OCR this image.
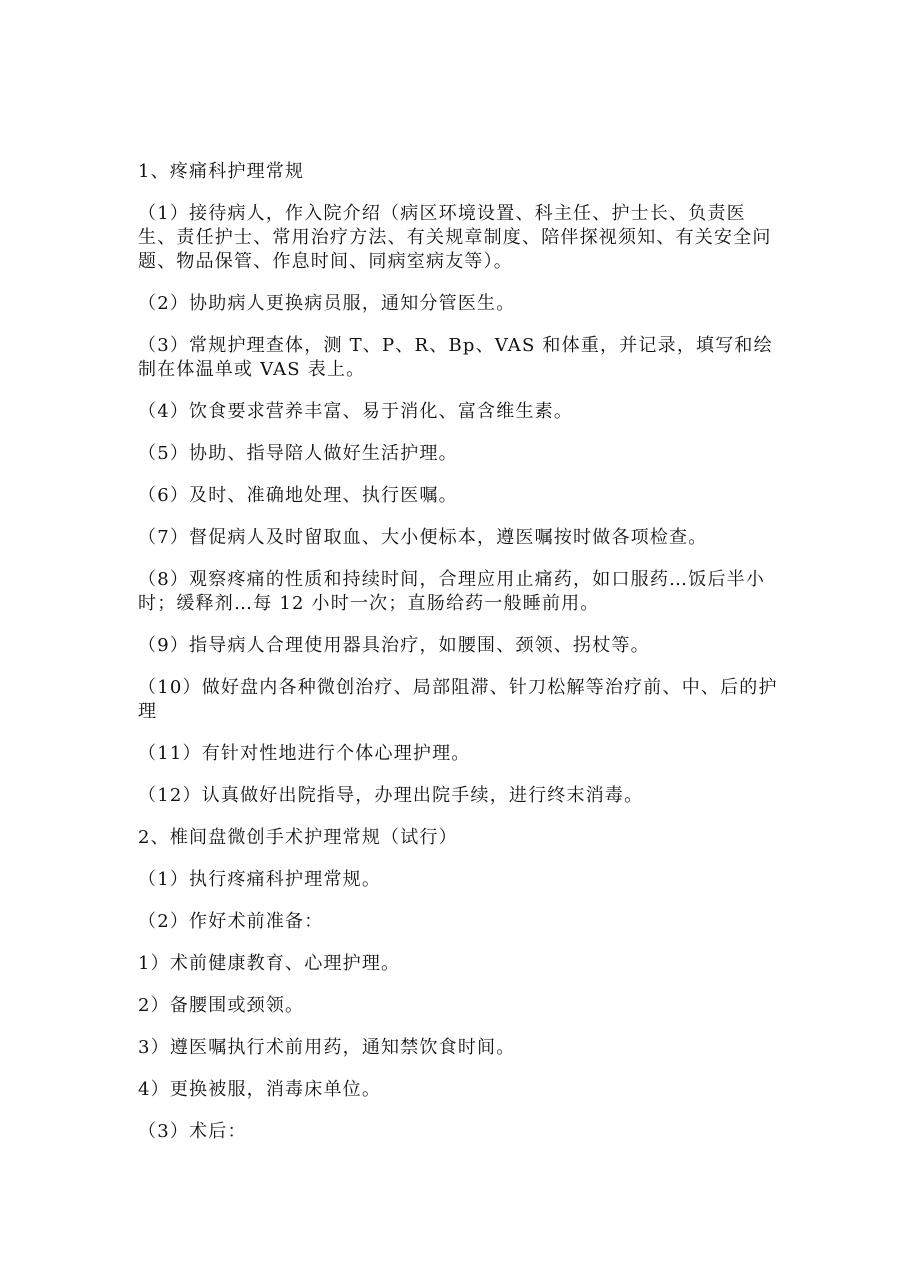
1、疼痛科护理常规

（1）接待病人，作入院介绍（病区环境设置、科主任、护士长、负责医生、责任护士、常用治疗方法、有关规章制度、陪伴探视须知、有关安全问题、物品保管、作息时间、同病室病友等）。

（2）协助病人更换病员服，通知分管医生。

（3）常规护理查体，测 T、P、R、Bp、VAS 和体重，并记录，填写和绘制在体温单或 VAS 表上。

（4）饮食要求营养丰富、易于消化、富含维生素。

（5）协助、指导陪人做好生活护理。

（6）及时、准确地处理、执行医嘱。

（7）督促病人及时留取血、大小便标本，遵医嘱按时做各项检查。

（8）观察疼痛的性质和持续时间，合理应用止痛药，如口服药…饭后半小时；缓释剂…每 12 小时一次；直肠给药一般睡前用。

（9）指导病人合理使用器具治疗，如腰围、颈领、拐杖等。

（10）做好盘内各种微创治疗、局部阻滞、针刀松解等治疗前、中、后的护理

（11）有针对性地进行个体心理护理。

（12）认真做好出院指导，办理出院手续，进行终末消毒。

2、椎间盘微创手术护理常规（试行）

（1）执行疼痛科护理常规。

（2）作好术前准备：

1）术前健康教育、心理护理。

2）备腰围或颈领。

3）遵医嘱执行术前用药，通知禁饮食时间。

4）更换被服，消毒床单位。

（3）术后：
